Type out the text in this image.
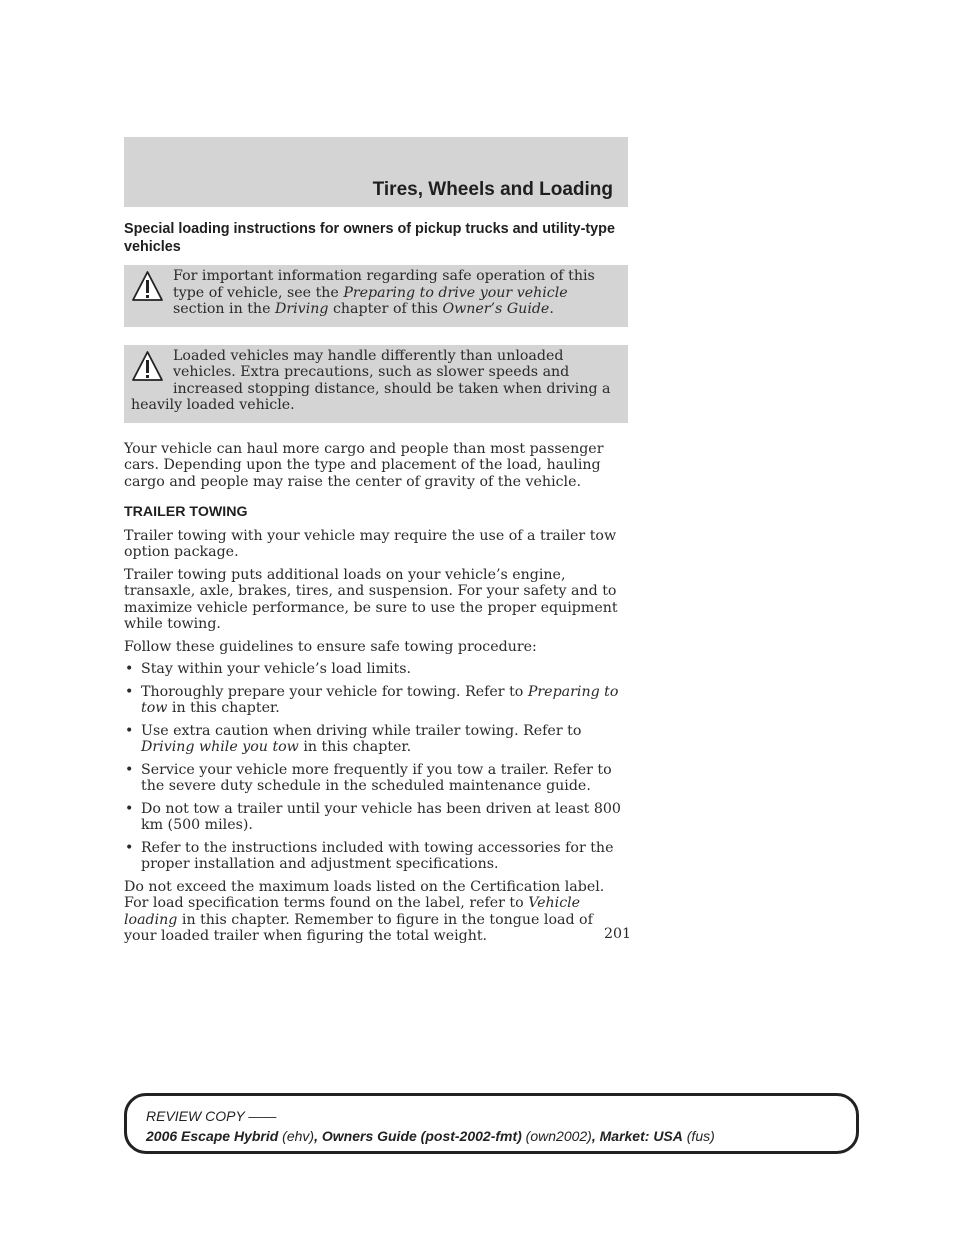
Tires, Wheels and Loading
Special loading instructions for owners of pickup trucks and utility-type vehicles

For important information regarding safe operation of this type of vehicle, see the Preparing to drive your vehicle section in the Driving chapter of this Owner’s Guide.

Loaded vehicles may handle differently than unloaded vehicles. Extra precautions, such as slower speeds and increased stopping distance, should be taken when driving a heavily loaded vehicle.

Your vehicle can haul more cargo and people than most passenger cars. Depending upon the type and placement of the load, hauling cargo and people may raise the center of gravity of the vehicle.

TRAILER TOWING

Trailer towing with your vehicle may require the use of a trailer tow option package.

Trailer towing puts additional loads on your vehicle’s engine, transaxle, axle, brakes, tires, and suspension. For your safety and to maximize vehicle performance, be sure to use the proper equipment while towing.

Follow these guidelines to ensure safe towing procedure:

• Stay within your vehicle’s load limits.
• Thoroughly prepare your vehicle for towing. Refer to Preparing to tow in this chapter.
• Use extra caution when driving while trailer towing. Refer to Driving while you tow in this chapter.
• Service your vehicle more frequently if you tow a trailer. Refer to the severe duty schedule in the scheduled maintenance guide.
• Do not tow a trailer until your vehicle has been driven at least 800 km (500 miles).
• Refer to the instructions included with towing accessories for the proper installation and adjustment specifications.

Do not exceed the maximum loads listed on the Certification label. For load specification terms found on the label, refer to Vehicle loading in this chapter. Remember to figure in the tongue load of your loaded trailer when figuring the total weight.	201
REVIEW COPY ——
2006 Escape Hybrid (ehv), Owners Guide (post-2002-fmt) (own2002), Market: USA (fus)
